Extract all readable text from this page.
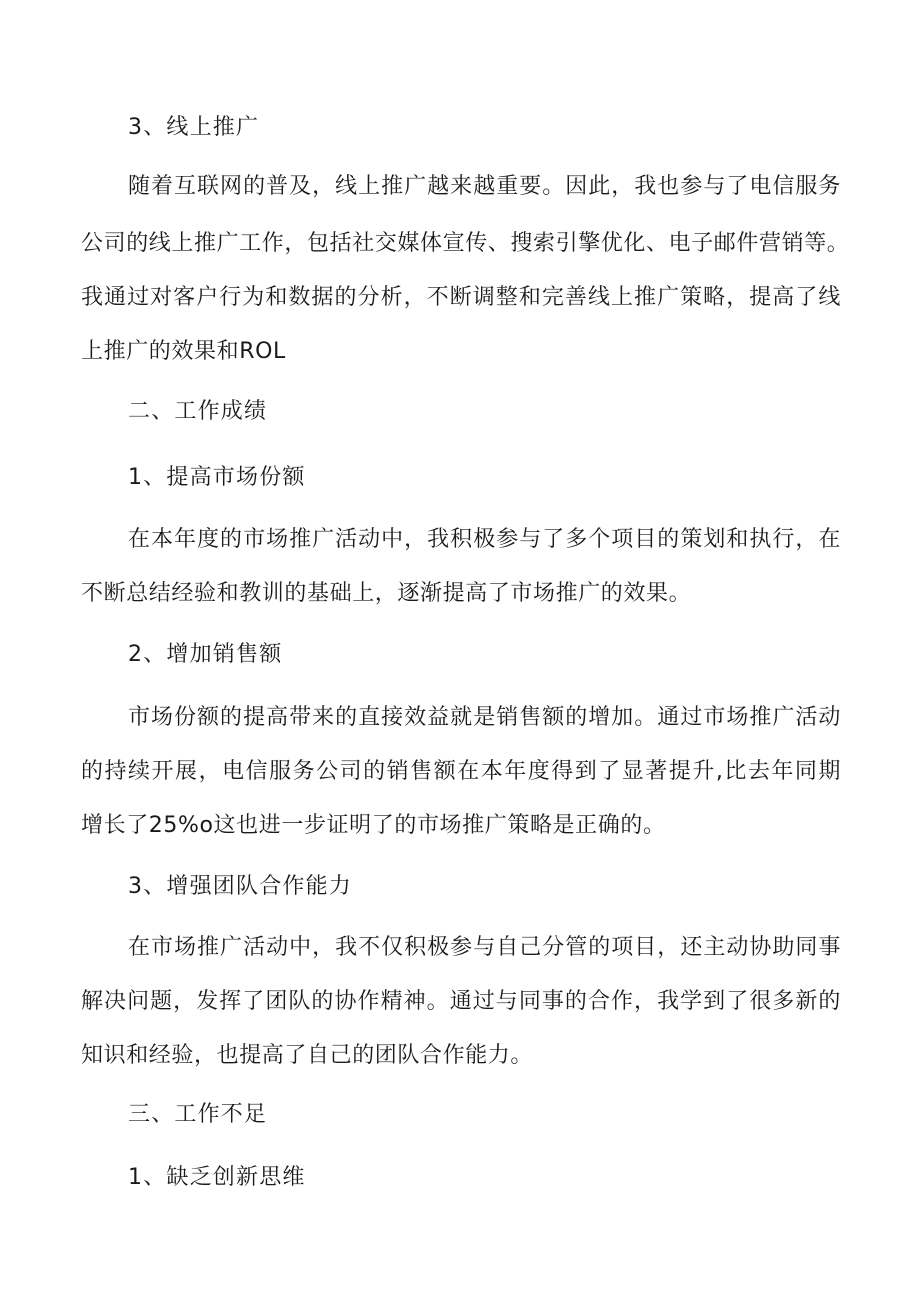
3、线上推广
随着互联网的普及，线上推广越来越重要。因此，我也参与了电信服务
公司的线上推广工作，包括社交媒体宣传、搜索引擎优化、电子邮件营销等。
我通过对客户行为和数据的分析，不断调整和完善线上推广策略，提高了线
上推广的效果和ROL
二、工作成绩
1、提高市场份额
在本年度的市场推广活动中，我积极参与了多个项目的策划和执行，在
不断总结经验和教训的基础上，逐渐提高了市场推广的效果。
2、增加销售额
市场份额的提高带来的直接效益就是销售额的增加。通过市场推广活动
的持续开展，电信服务公司的销售额在本年度得到了显著提升,比去年同期
增长了25%o这也进一步证明了的市场推广策略是正确的。
3、增强团队合作能力
在市场推广活动中，我不仅积极参与自己分管的项目，还主动协助同事
解决问题，发挥了团队的协作精神。通过与同事的合作，我学到了很多新的
知识和经验，也提高了自己的团队合作能力。
三、工作不足
1、缺乏创新思维
